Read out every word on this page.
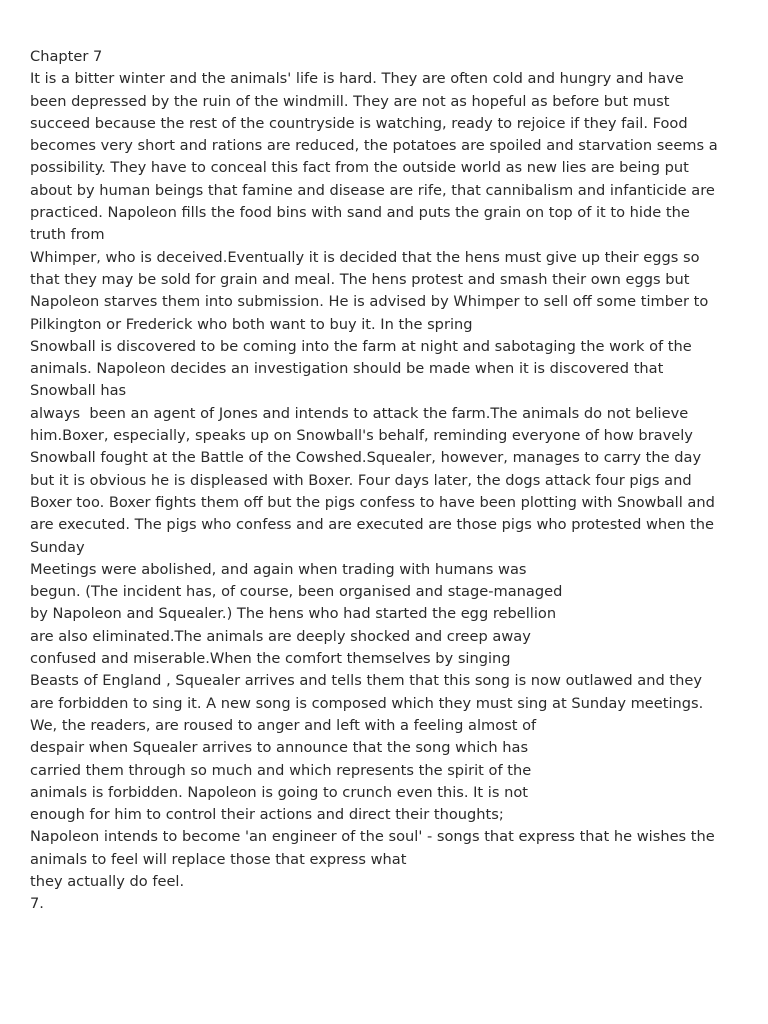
Chapter 7
It is a bitter winter and the animals' life is hard. They are often cold and hungry and have
been depressed by the ruin of the windmill. They are not as hopeful as before but must
succeed because the rest of the countryside is watching, ready to rejoice if they fail. Food
becomes very short and rations are reduced, the potatoes are spoiled and starvation seems a
possibility. They have to conceal this fact from the outside world as new lies are being put
about by human beings that famine and disease are rife, that cannibalism and infanticide are
practiced. Napoleon fills the food bins with sand and puts the grain on top of it to hide the
truth from
Whimper, who is deceived.Eventually it is decided that the hens must give up their eggs so
that they may be sold for grain and meal. The hens protest and smash their own eggs but
Napoleon starves them into submission. He is advised by Whimper to sell off some timber to
Pilkington or Frederick who both want to buy it. In the spring
Snowball is discovered to be coming into the farm at night and sabotaging the work of the
animals. Napoleon decides an investigation should be made when it is discovered that
Snowball has
always  been an agent of Jones and intends to attack the farm.The animals do not believe
him.Boxer, especially, speaks up on Snowball's behalf, reminding everyone of how bravely
Snowball fought at the Battle of the Cowshed.Squealer, however, manages to carry the day
but it is obvious he is displeased with Boxer. Four days later, the dogs attack four pigs and
Boxer too. Boxer fights them off but the pigs confess to have been plotting with Snowball and
are executed. The pigs who confess and are executed are those pigs who protested when the
Sunday
Meetings were abolished, and again when trading with humans was
begun. (The incident has, of course, been organised and stage-managed
by Napoleon and Squealer.) The hens who had started the egg rebellion
are also eliminated.The animals are deeply shocked and creep away
confused and miserable.When the comfort themselves by singing
Beasts of England , Squealer arrives and tells them that this song is now outlawed and they
are forbidden to sing it. A new song is composed which they must sing at Sunday meetings.
We, the readers, are roused to anger and left with a feeling almost of
despair when Squealer arrives to announce that the song which has
carried them through so much and which represents the spirit of the
animals is forbidden. Napoleon is going to crunch even this. It is not
enough for him to control their actions and direct their thoughts;
Napoleon intends to become 'an engineer of the soul' - songs that express that he wishes the
animals to feel will replace those that express what
they actually do feel.
7.
